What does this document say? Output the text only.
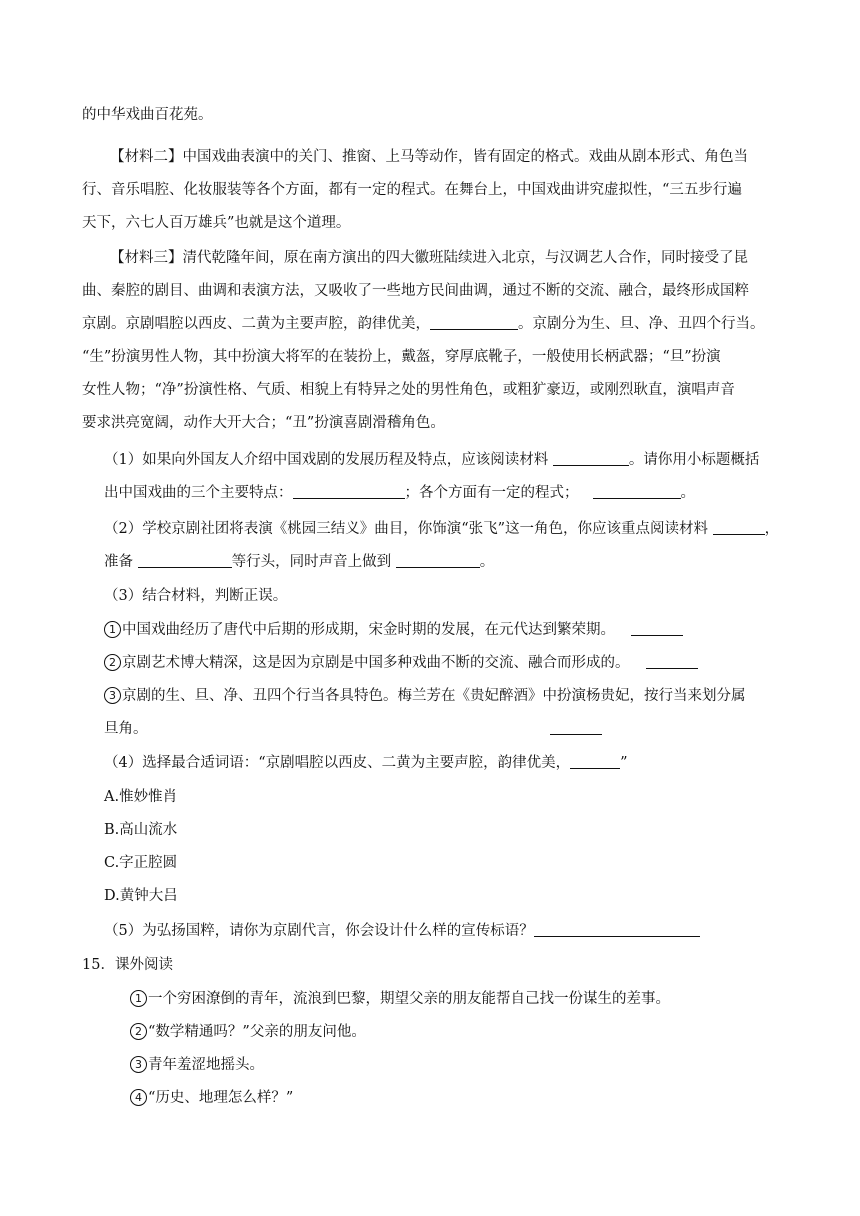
的中华戏曲百花苑。
【材料二】中国戏曲表演中的关门、推窗、上马等动作，皆有固定的格式。戏曲从剧本形式、角色当
行、音乐唱腔、化妆服装等各个方面，都有一定的程式。在舞台上，中国戏曲讲究虚拟性，“三五步行遍
天下，六七人百万雄兵”也就是这个道理。
【材料三】清代乾隆年间，原在南方演出的四大徽班陆续进入北京，与汉调艺人合作，同时接受了昆
曲、秦腔的剧目、曲调和表演方法，又吸收了一些地方民间曲调，通过不断的交流、融合，最终形成国粹
京剧。京剧唱腔以西皮、二黄为主要声腔，韵律优美，	。京剧分为生、旦、净、丑四个行当。
“生”扮演男性人物，其中扮演大将军的在装扮上，戴盔，穿厚底靴子，一般使用长柄武器；“旦”扮演
女性人物；“净”扮演性格、气质、相貌上有特异之处的男性角色，或粗犷豪迈，或刚烈耿直，演唱声音
要求洪亮宽阔，动作大开大合；“丑”扮演喜剧滑稽角色。
（1）如果向外国友人介绍中国戏剧的发展历程及特点，应该阅读材料	。请你用小标题概括
出中国戏曲的三个主要特点：	；各个方面有一定的程式；	。
（2）学校京剧社团将表演《桃园三结义》曲目，你饰演“张飞”这一角色，你应该重点阅读材料	，
准备	等行头，同时声音上做到	。
（3）结合材料，判断正误。
1 中国戏曲经历了唐代中后期的形成期，宋金时期的发展，在元代达到繁荣期。
2 京剧艺术博大精深，这是因为京剧是中国多种戏曲不断的交流、融合而形成的。
3 京剧的生、旦、净、丑四个行当各具特色。梅兰芳在《贵妃醉酒》中扮演杨贵妃，按行当来划分属
旦角。
（4）选择最合适词语：“京剧唱腔以西皮、二黄为主要声腔，韵律优美，	”
A.惟妙惟肖
B.高山流水
C.字正腔圆
D.黄钟大吕
（5）为弘扬国粹，请你为京剧代言，你会设计什么样的宣传标语？
15．课外阅读
1 一个穷困潦倒的青年，流浪到巴黎，期望父亲的朋友能帮自己找一份谋生的差事。
2 “数学精通吗？”父亲的朋友问他。
3 青年羞涩地摇头。
4 “历史、地理怎么样？”
